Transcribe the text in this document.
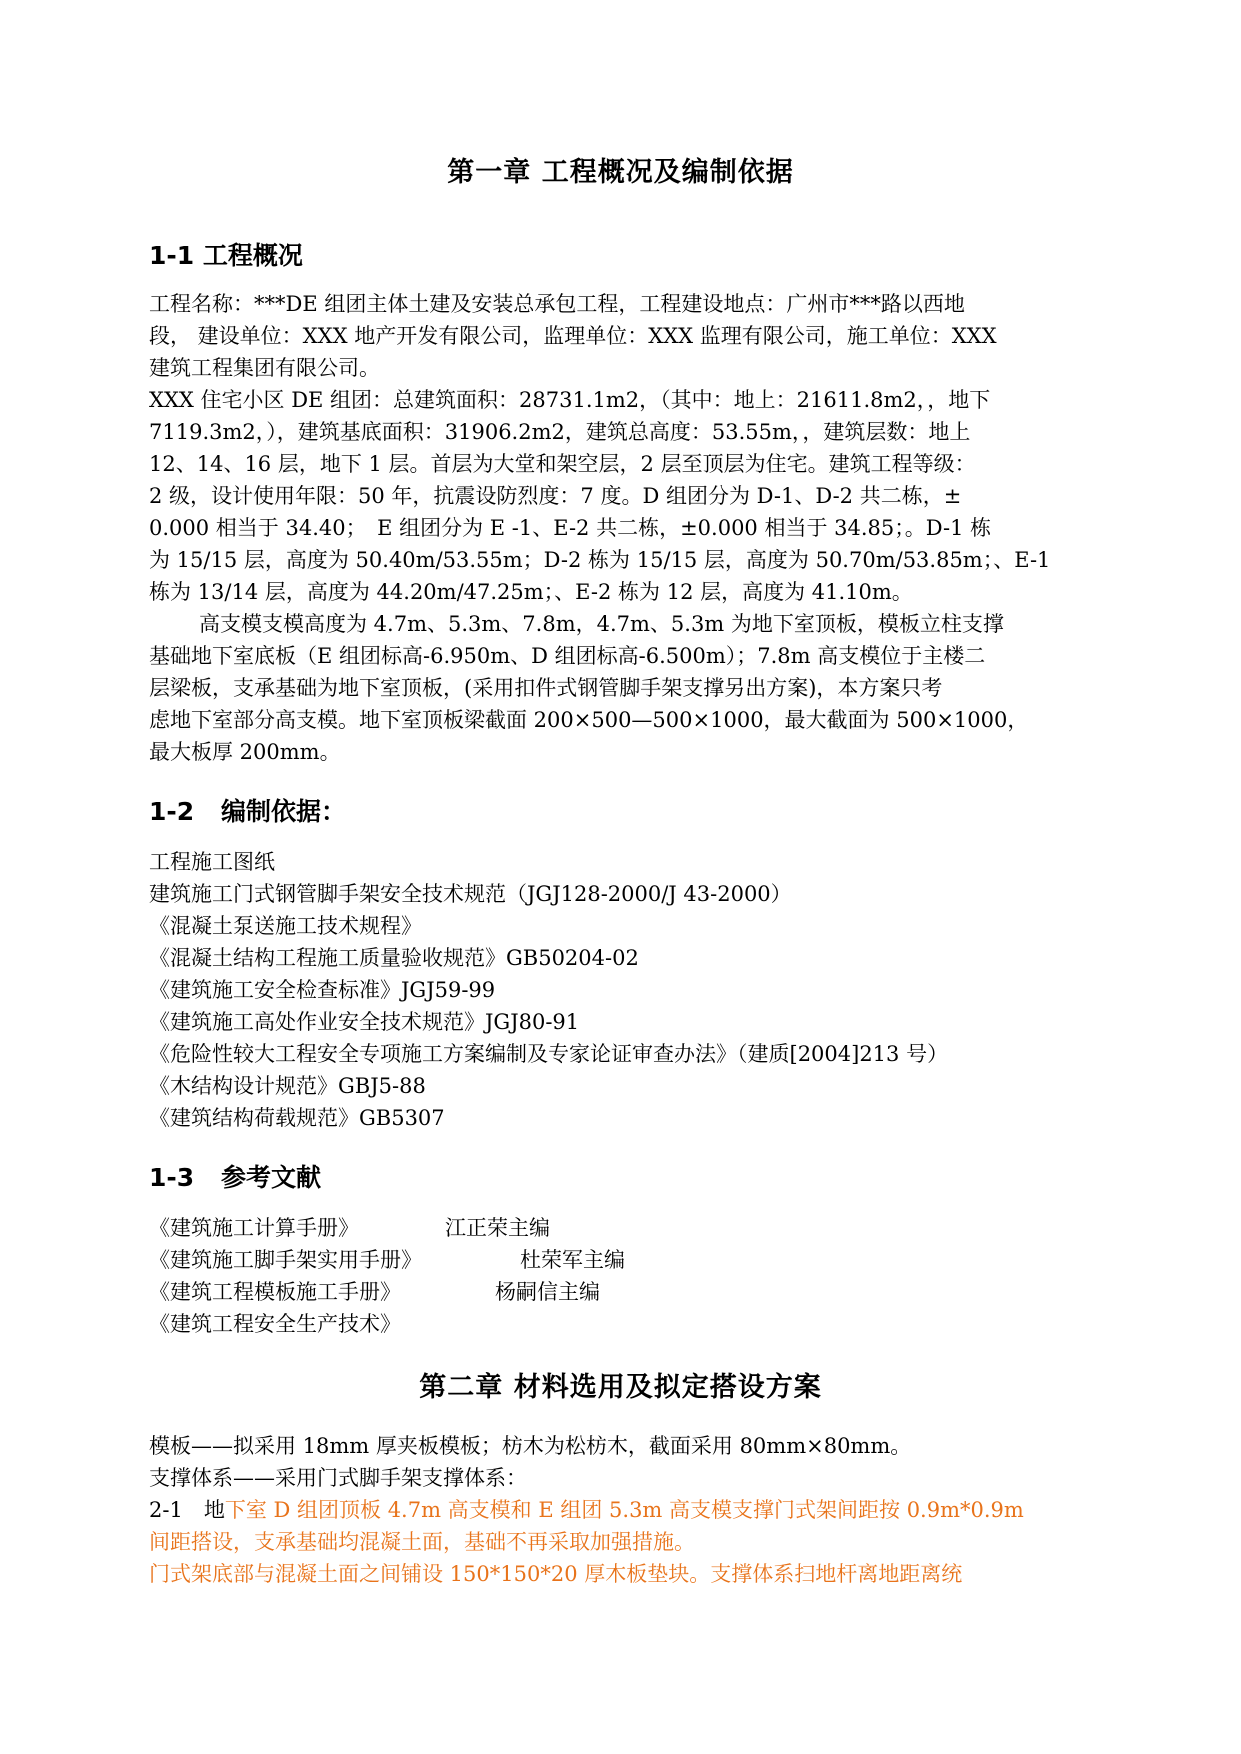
第一章 工程概况及编制依据
1-1 工程概况
工程名称：***DE 组团主体土建及安装总承包工程，工程建设地点：广州市***路以西地
段， 建设单位：XXX 地产开发有限公司，监理单位：XXX 监理有限公司，施工单位：XXX
建筑工程集团有限公司。
XXX 住宅小区 DE 组团：总建筑面积：28731.1m2，（其中：地上：21611.8m2，，地下
7119.3m2，），建筑基底面积：31906.2m2，建筑总高度：53.55m，，建筑层数：地上
12、14、16 层，地下 1 层。首层为大堂和架空层，2 层至顶层为住宅。建筑工程等级：
2 级，设计使用年限：50 年，抗震设防烈度：7 度。D 组团分为 D-1、D-2 共二栋，±
0.000 相当于 34.40；　E 组团分为 E -1、E-2 共二栋，±0.000 相当于 34.85；。D-1 栋
为 15/15 层，高度为 50.40m/53.55m；D-2 栋为 15/15 层，高度为 50.70m/53.85m；、E-1
栋为 13/14 层，高度为 44.20m/47.25m；、E-2 栋为 12 层，高度为 41.10m。
高支模支模高度为 4.7m、5.3m、7.8m，4.7m、5.3m 为地下室顶板，模板立柱支撑
基础地下室底板（E 组团标高-6.950m、D 组团标高-6.500m）；7.8m 高支模位于主楼二
层梁板，支承基础为地下室顶板，(采用扣件式钢管脚手架支撑另出方案)，本方案只考
虑地下室部分高支模。地下室顶板梁截面 200×500—500×1000，最大截面为 500×1000，
最大板厚 200mm。
1-2 编制依据：
工程施工图纸
建筑施工门式钢管脚手架安全技术规范（JGJ128-2000/J 43-2000）
《混凝土泵送施工技术规程》
《混凝土结构工程施工质量验收规范》GB50204-02
《建筑施工安全检查标准》JGJ59-99
《建筑施工高处作业安全技术规范》JGJ80-91
《危险性较大工程安全专项施工方案编制及专家论证审查办法》（建质[2004]213 号）
《木结构设计规范》GBJ5-88
《建筑结构荷载规范》GB5307
1-3 参考文献
《建筑施工计算手册》	江正荣主编
《建筑施工脚手架实用手册》	杜荣军主编
《建筑工程模板施工手册》	杨嗣信主编
《建筑工程安全生产技术》
第二章 材料选用及拟定搭设方案
模板——拟采用 18mm 厚夹板模板；枋木为松枋木，截面采用 80mm×80mm。
支撑体系——采用门式脚手架支撑体系：
2-1　地下室 D 组团顶板 4.7m 高支模和 E 组团 5.3m 高支模支撑门式架间距按 0.9m*0.9m
间距搭设，支承基础均混凝土面，基础不再采取加强措施。
门式架底部与混凝土面之间铺设 150*150*20 厚木板垫块。支撑体系扫地杆离地距离统
